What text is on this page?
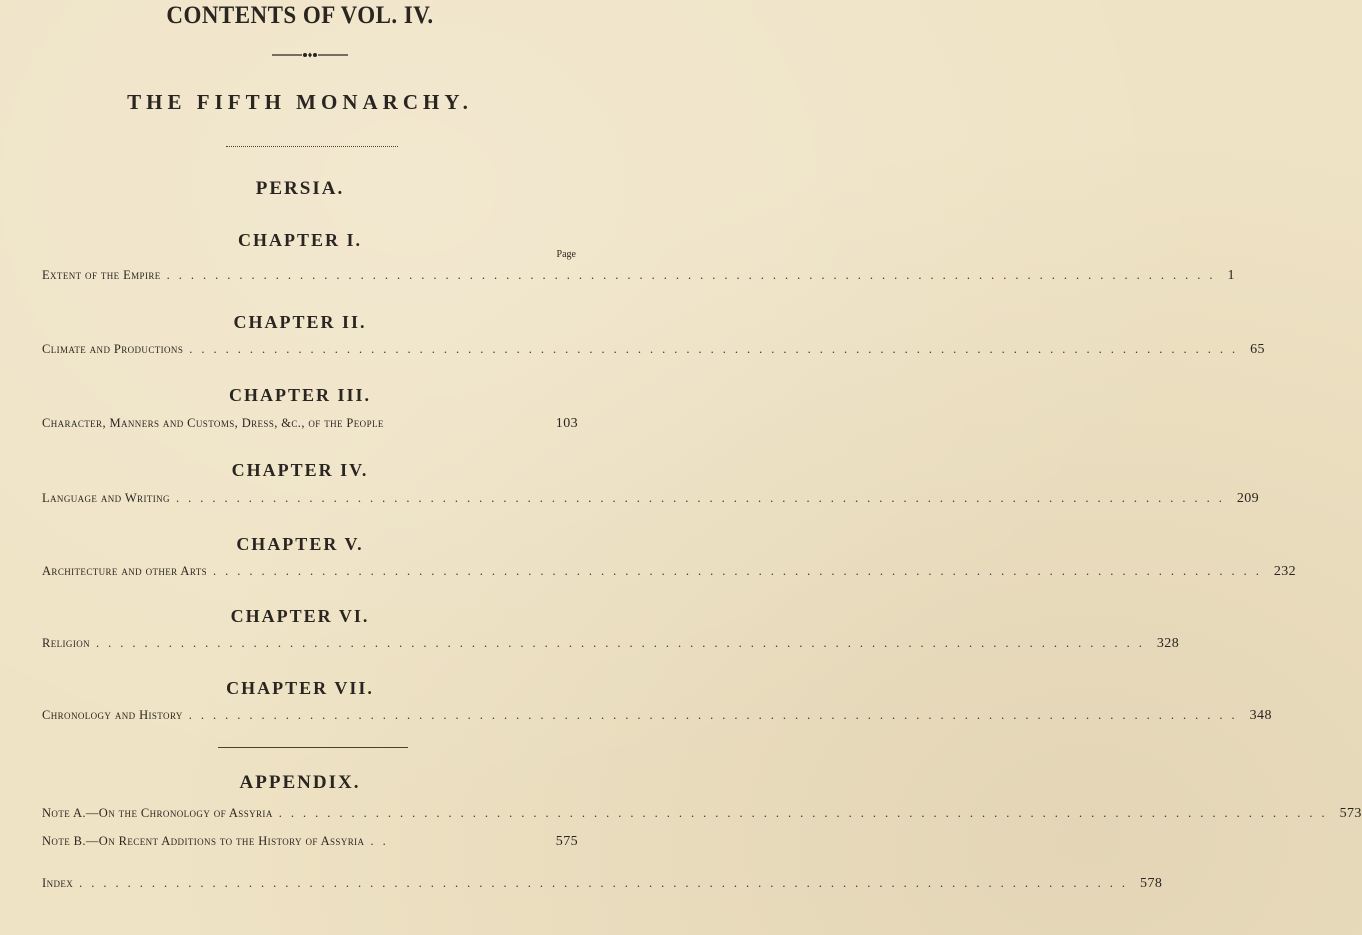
CONTENTS OF VOL. IV.
THE FIFTH MONARCHY.
PERSIA.
CHAPTER I.
Page
Extent of the Empire ....................................................................................... 1
CHAPTER II.
Climate and Productions ....................................................................................... 65
CHAPTER III.
Character, Manners and Customs, Dress, &c., of the People	103
CHAPTER IV.
Language and Writing ....................................................................................... 209
CHAPTER V.
Architecture and other Arts ....................................................................................... 232
CHAPTER VI.
Religion ....................................................................................... 328
CHAPTER VII.
Chronology and History ....................................................................................... 348
APPENDIX.
Note A.—On the Chronology of Assyria ....................................................................................... 573
Note B.—On Recent Additions to the History of Assyria ..	575
Index ....................................................................................... 578
